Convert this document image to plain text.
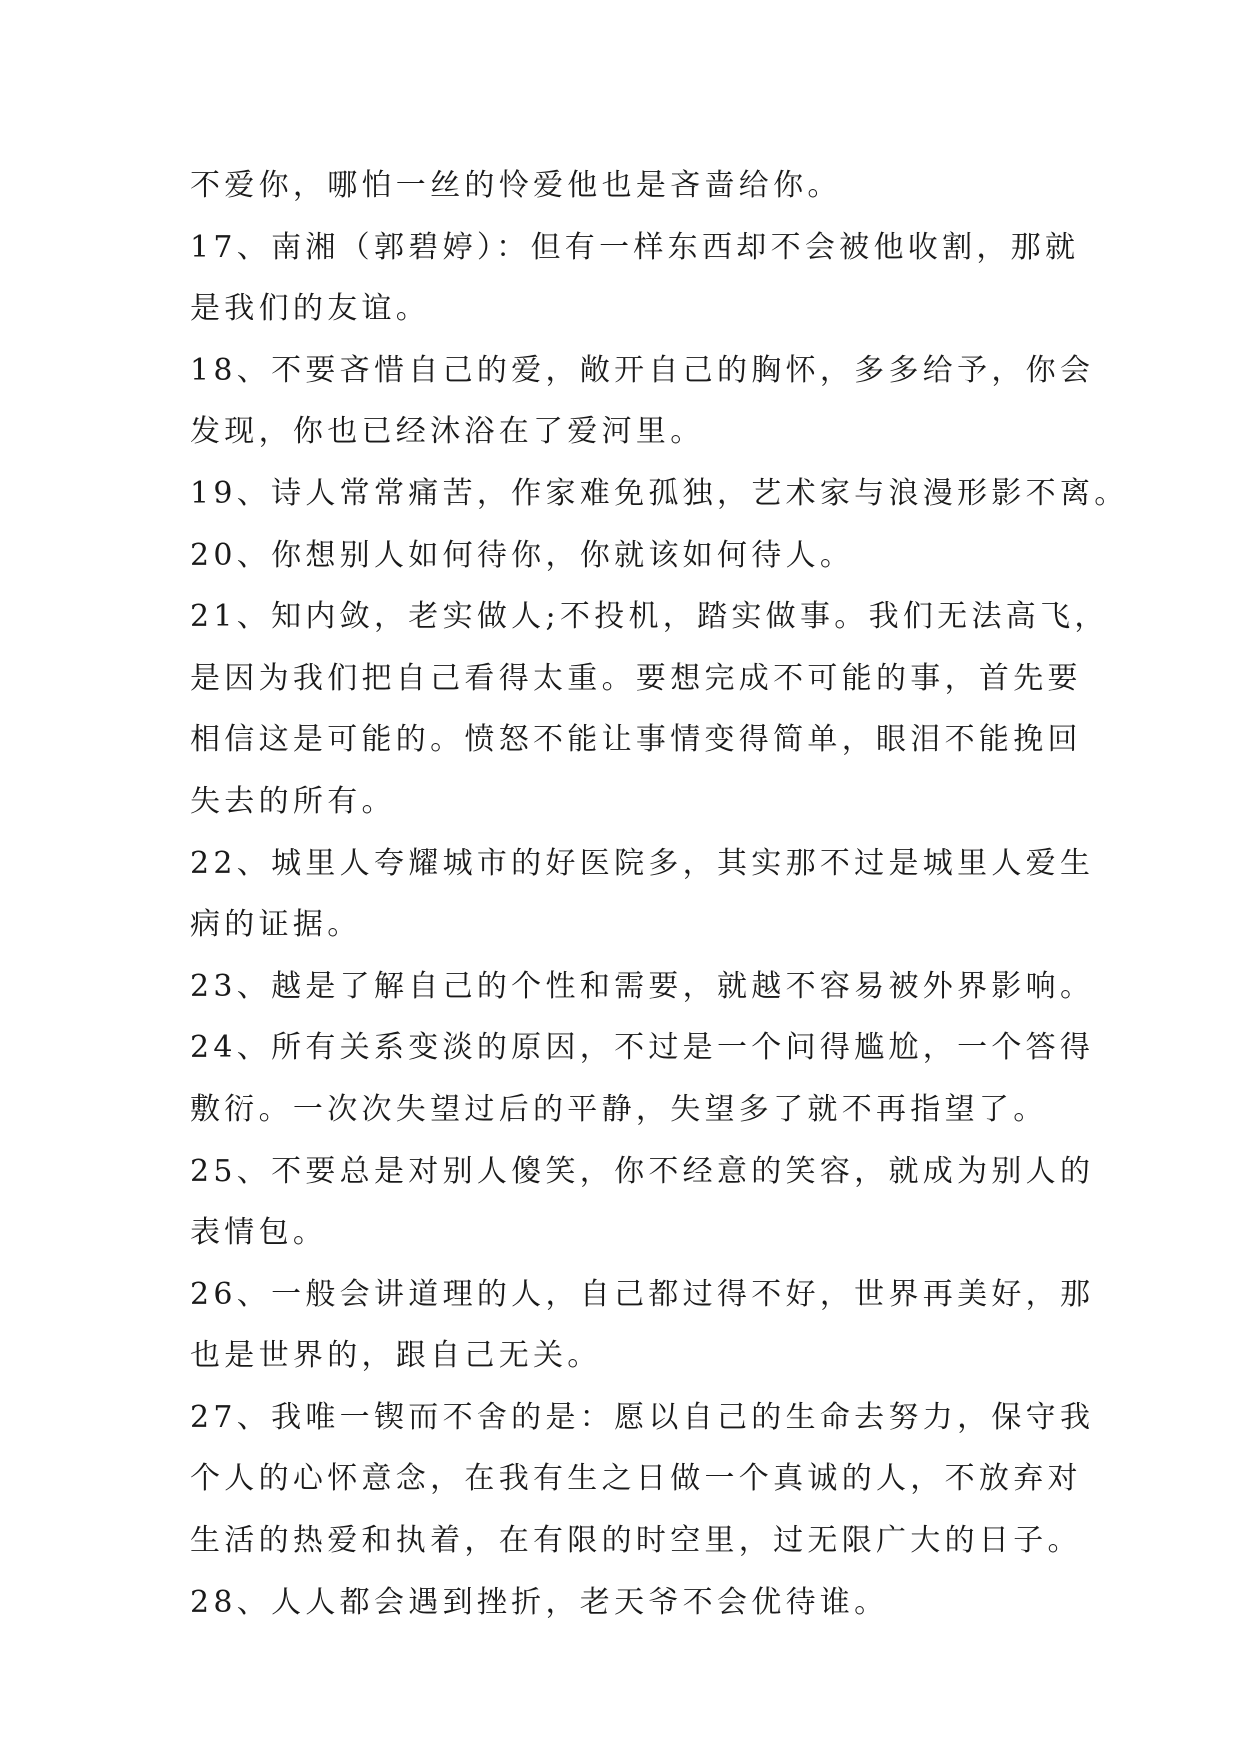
不爱你，哪怕一丝的怜爱他也是吝啬给你。
17、南湘（郭碧婷）：但有一样东西却不会被他收割，那就
是我们的友谊。
18、不要吝惜自己的爱，敞开自己的胸怀，多多给予，你会
发现，你也已经沐浴在了爱河里。
19、诗人常常痛苦，作家难免孤独，艺术家与浪漫形影不离。
20、你想别人如何待你，你就该如何待人。
21、知内敛，老实做人;不投机，踏实做事。我们无法高飞，
是因为我们把自己看得太重。要想完成不可能的事，首先要
相信这是可能的。愤怒不能让事情变得简单，眼泪不能挽回
失去的所有。
22、城里人夸耀城市的好医院多，其实那不过是城里人爱生
病的证据。
23、越是了解自己的个性和需要，就越不容易被外界影响。
24、所有关系变淡的原因，不过是一个问得尴尬，一个答得
敷衍。一次次失望过后的平静，失望多了就不再指望了。
25、不要总是对别人傻笑，你不经意的笑容，就成为别人的
表情包。
26、一般会讲道理的人，自己都过得不好，世界再美好，那
也是世界的，跟自己无关。
27、我唯一锲而不舍的是：愿以自己的生命去努力，保守我
个人的心怀意念，在我有生之日做一个真诚的人，不放弃对
生活的热爱和执着，在有限的时空里，过无限广大的日子。
28、人人都会遇到挫折，老天爷不会优待谁。
